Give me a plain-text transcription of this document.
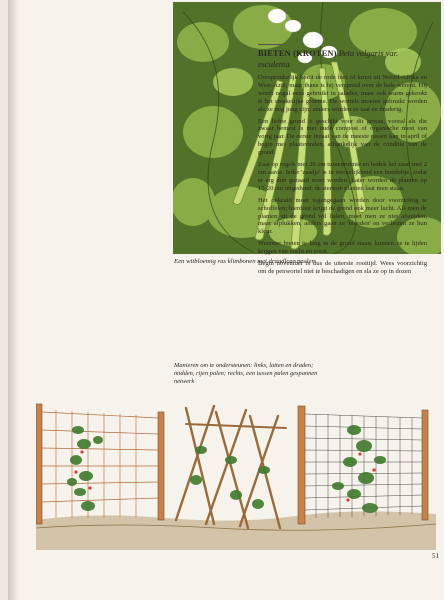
Een witbloemig ras klimbonen met draadloze peulen
BIETEN (KROTEN) Beta vulgaris var. esculenta

Oorspronkelijk komt de rode biet of kroot uit Noord-Afrika en West-Azië, maar thans is hij verspreid over de hele wereld. Hij wordt nogal eens gebruikt in salades, maar ook warm gekookt is het smakelijke groente. De wortels moeten gebruikt worden als ze nog jong zijn, anders worden ze taai en draderig.

Een lichte grond is geschikt voor dit gewas, vooral als die zwaar bemest is met oude compost of organische mest van vorig jaar. De eerste inzaai van de meeste rassen kan in april of begin mei plaatsvinden, afhankelijk van de conditie van de grond.

Zaai op regels met 20 cm tussenruimte en bedek het zaad met 2 cm aarde. Ieder 'zaadje' is in werkelijkheid een bundeltje, zodat er erg dun gezaaid moet worden. Later worden de planten op 15-20 cm uitgedund; de sterkste planten laat men staan.

Het onkruid moet tegengegaan worden door voorzichtig te schoffelen; hierdoor krijgt de grond ook meer lucht. Als men de planten uit de grond wil halen, moet men ze niet afsnijden, maar afplukken, anders gaan ze 'bloeden' en verliezen ze hun kleur.

Wanneer bieten te lang in de grond staan, kunnen ze te lijden krijgen van vocht en vorst.

Begin november is dus de uiterste rooitijd. Wees voorzichtig om de penwortel niet te beschadigen en sla ze op in dozen

Manieren om te ondersteunen: links, latten en draden; midden, rijen palen; rechts, een tussen palen gespannen netwerk
51
